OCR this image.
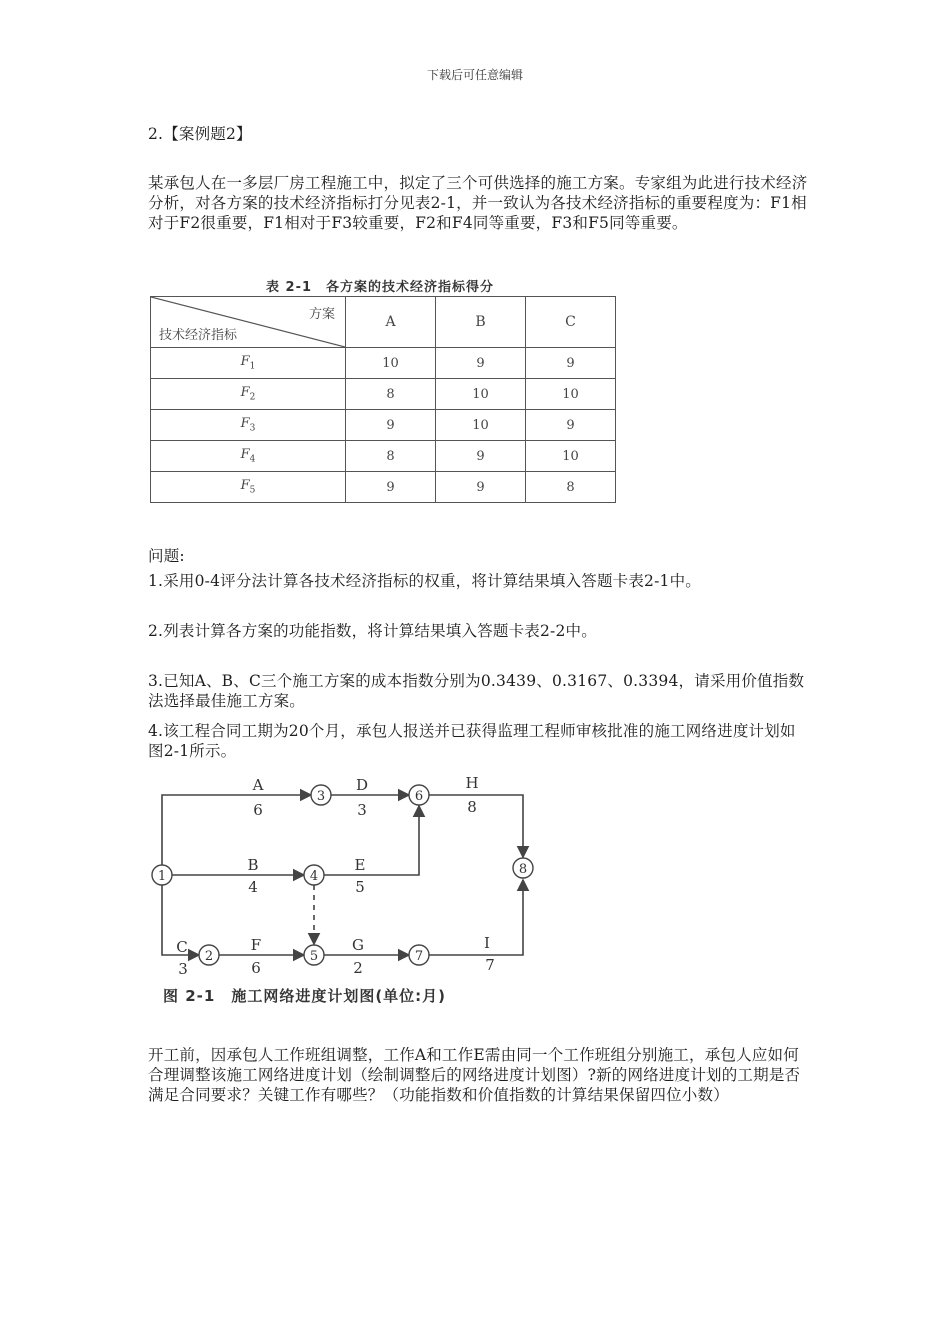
下载后可任意编辑
2.【案例题2】
某承包人在一多层厂房工程施工中，拟定了三个可供选择的施工方案。专家组为此进行技术经济分析，对各方案的技术经济指标打分见表2-1，并一致认为各技术经济指标的重要程度为：F1相对于F2很重要，F1相对于F3较重要，F2和F4同等重要，F3和F5同等重要。
表 2-1　各方案的技术经济指标得分
方案
技术经济指标	A	B	C
$F_1$	10	9	9
$F_2$	8	10	10
$F_3$	9	10	9
$F_4$	8	9	10
$F_5$	9	9	8
问题:
1.采用0-4评分法计算各技术经济指标的权重，将计算结果填入答题卡表2-1中。
2.列表计算各方案的功能指数，将计算结果填入答题卡表2-2中。
3.已知A、B、C三个施工方案的成本指数分别为0.3439、0.3167、0.3394，请采用价值指数法选择最佳施工方案。
4.该工程合同工期为20个月，承包人报送并已获得监理工程师审核批准的施工网络进度计划如图2-1所示。
1
2
3
4
5
6
7
8
A
6
D
3
H
8
B
4
E
5
C
3
F
6
G
2
I
7
图 2-1　施工网络进度计划图(单位:月)
开工前，因承包人工作班组调整，工作A和工作E需由同一个工作班组分别施工，承包人应如何合理调整该施工网络进度计划（绘制调整后的网络进度计划图）?新的网络进度计划的工期是否满足合同要求？关键工作有哪些？（功能指数和价值指数的计算结果保留四位小数）
